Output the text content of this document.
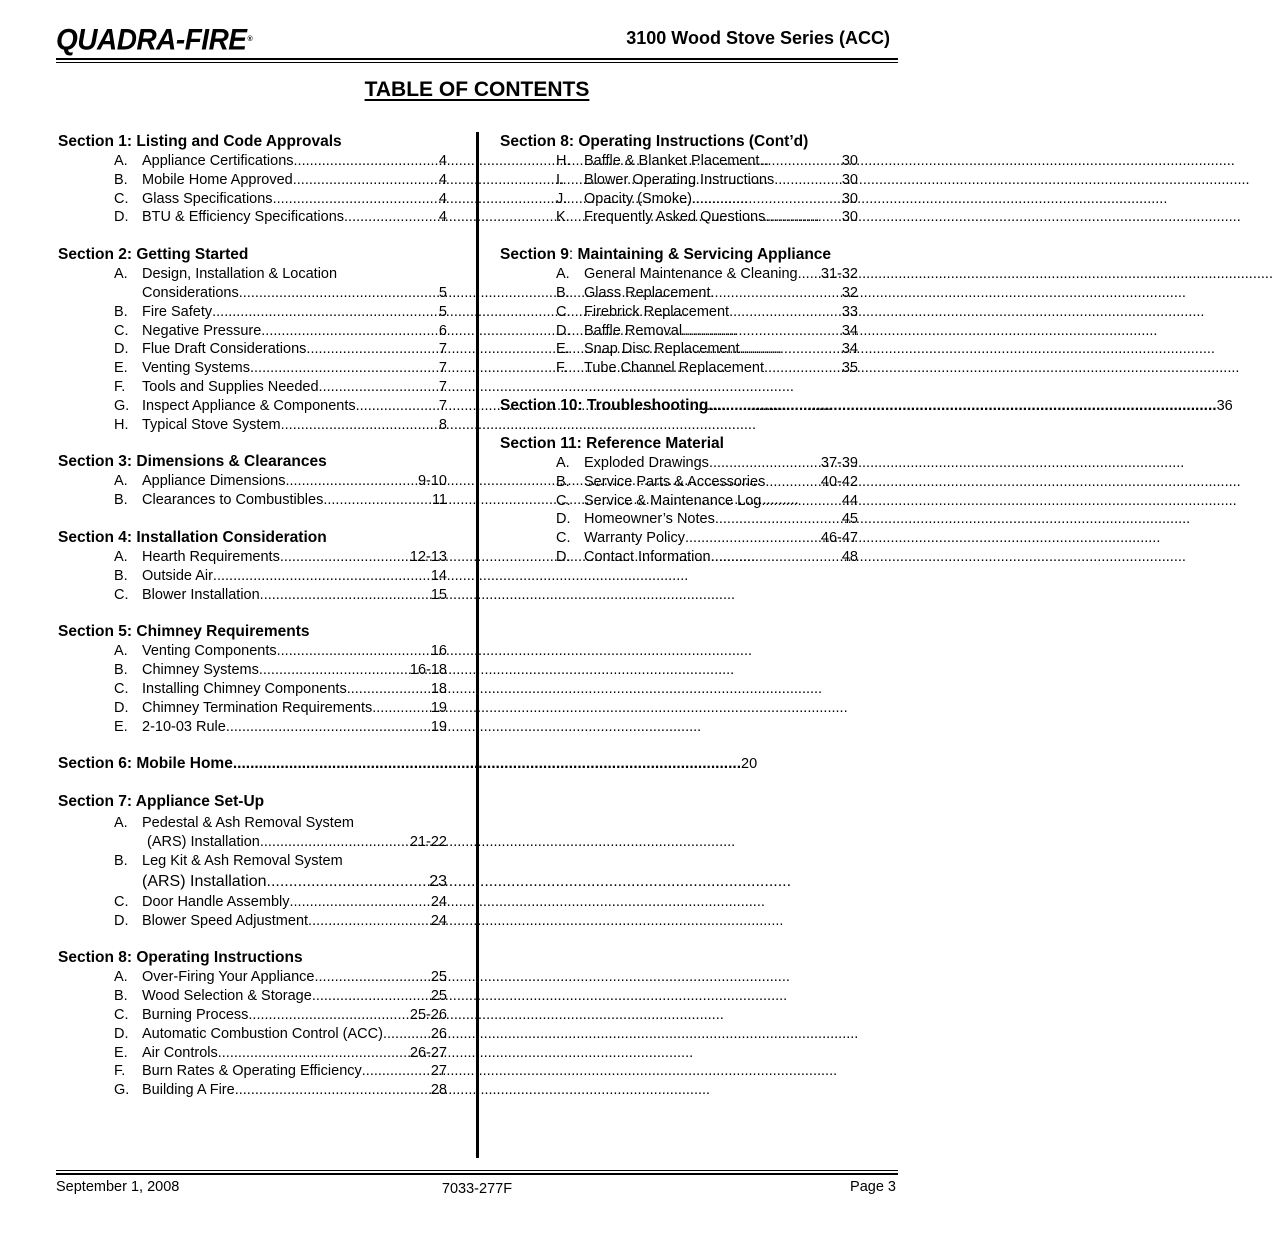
QUADRA-FIRE®	3100 Wood Stove Series (ACC)
TABLE OF CONTENTS
Section 1: Listing and Code Approvals
A. Appliance Certifications .....	4
B. Mobile Home Approved .....	4
C. Glass Specifications .....	4
D. BTU & Efficiency Specifications .....	4
Section 2: Getting Started
A. Design, Installation & Location
Considerations .....	5
B. Fire Safety .....	5
C. Negative Pressure .....	6
D. Flue Draft Considerations .....	7
E. Venting Systems .....	7
F.	Tools and Supplies Needed .....	7
G. Inspect Appliance & Components .....	7
H. Typical Stove System .....	8
Section 3: Dimensions & Clearances
A. Appliance Dimensions .....	9-10
B. Clearances to Combustibles .....	11
Section 4: Installation Consideration
A. Hearth Requirements .....	12-13
B. Outside Air .....	14
C. Blower Installation .....	15
Section 5: Chimney Requirements
A. Venting Components .....	16
B. Chimney Systems .....	16-18
C. Installing Chimney Components .....	18
D. Chimney Termination Requirements .....	19
E. 2-10-03 Rule .....	19
Section 6: Mobile Home .....	20
Section 7: Appliance Set-Up
A. Pedestal & Ash Removal System
(ARS) Installation .....	21-22
B. Leg Kit & Ash Removal System
(ARS) Installation .....	23
C. Door Handle Assembly .....	24
D. Blower Speed Adjustment .....	24
Section 8: Operating Instructions
A. Over-Firing Your Appliance .....	25
B. Wood Selection & Storage .....	25
C. Burning Process .....	25-26
D. Automatic Combustion Control (ACC) .....	26
E. Air Controls .....	26-27
F.	Burn Rates & Operating Efficiency .....	27
G. Building A Fire .....	28
Section 8: Operating Instructions (Cont’d)
H. Baffle & Blanket Placement .....	30
I.	Blower Operating Instructions .....	30
J.	Opacity (Smoke) .....	30
K. Frequently Asked Questions .....	30
Section 9: Maintaining & Servicing Appliance
A. General Maintenance & Cleaning ..... 31-32
B. Glass Replacement .....	32
C. Firebrick Replacement .....	33
D. Baffle Removal .....	34
E. Snap Disc Replacement .....	34
F.	Tube Channel Replacement .....	35
Section 10: Troubleshooting .....	36
Section 11: Reference Material
A. Exploded Drawings .....	37-39
B. Service Parts & Accessories .....	40-42
C. Service & Maintenance Log .....	44
D. Homeowner’s Notes .....	45
C. Warranty Policy .....	46-47
D. Contact Information .....	48
September 1, 2008	7033-277F	Page 3
